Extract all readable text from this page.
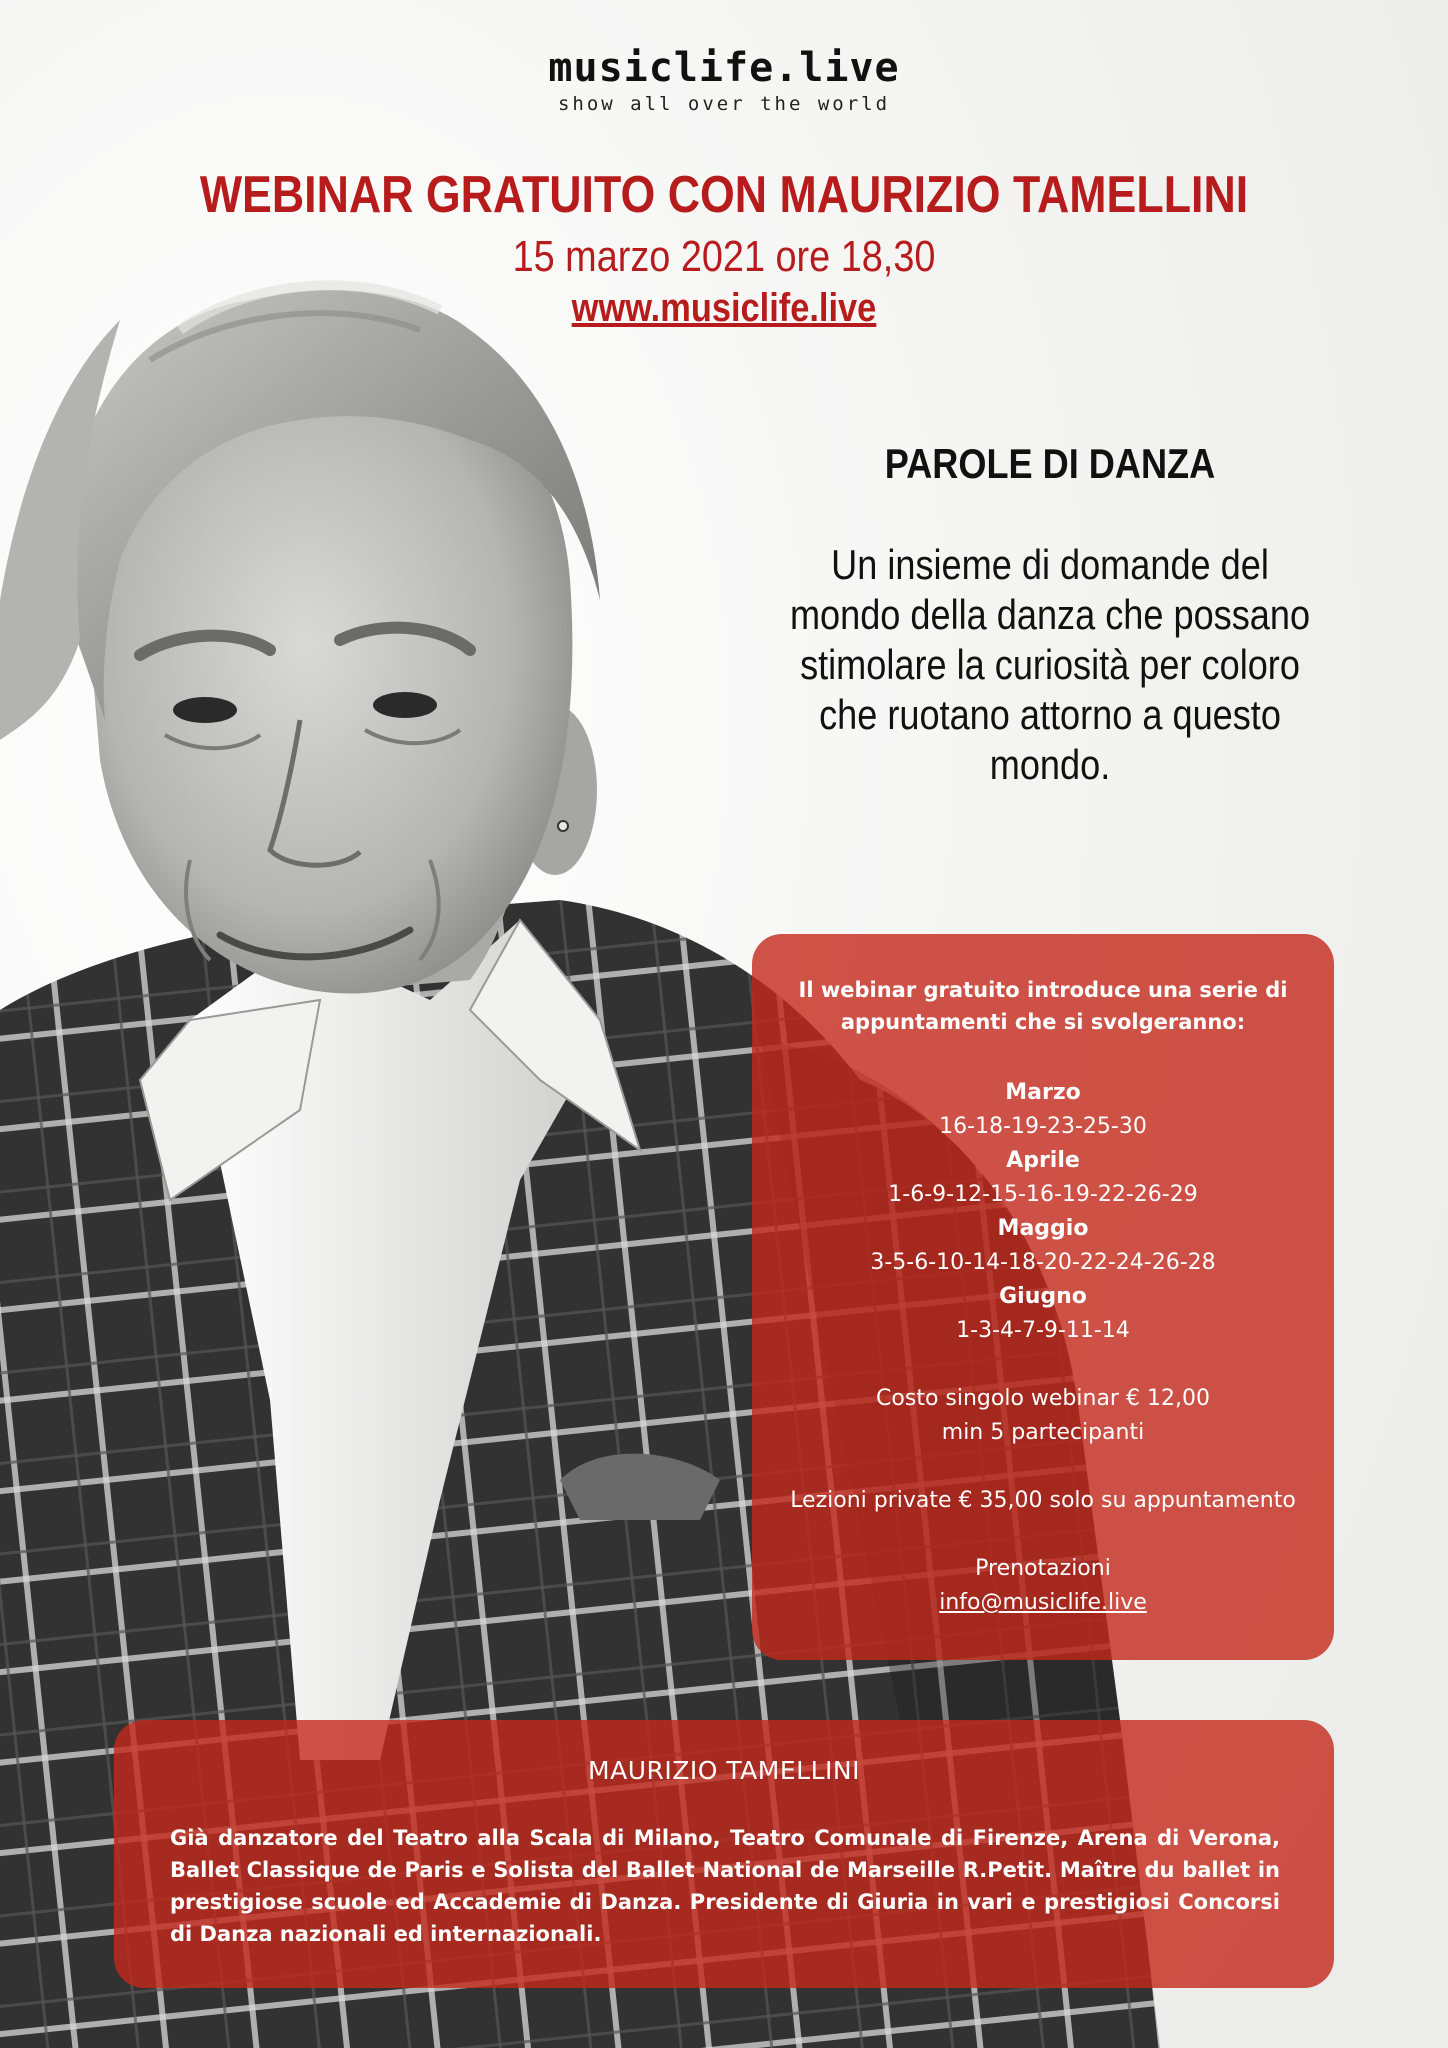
musiclife.live
show all over the world
WEBINAR GRATUITO CON MAURIZIO TAMELLINI
15 marzo 2021 ore 18,30
www.musiclife.live
PAROLE DI DANZA
Un insieme di domande del mondo della danza che possano stimolare la curiosità per coloro che ruotano attorno a questo mondo.
Il webinar gratuito introduce una serie di appuntamenti che si svolgeranno:
Marzo
16-18-19-23-25-30
Aprile
1-6-9-12-15-16-19-22-26-29
Maggio
3-5-6-10-14-18-20-22-24-26-28
Giugno
1-3-4-7-9-11-14
Costo singolo webinar € 12,00
min 5 partecipanti
Lezioni private € 35,00 solo su appuntamento
Prenotazioni
info@musiclife.live
MAURIZIO TAMELLINI
Già danzatore del Teatro alla Scala di Milano, Teatro Comunale di Firenze, Arena di Verona, Ballet Classique de Paris e Solista del Ballet National de Marseille R.Petit. Maître du ballet in prestigiose scuole ed Accademie di Danza. Presidente di Giuria in vari e prestigiosi Concorsi di Danza nazionali ed internazionali.
